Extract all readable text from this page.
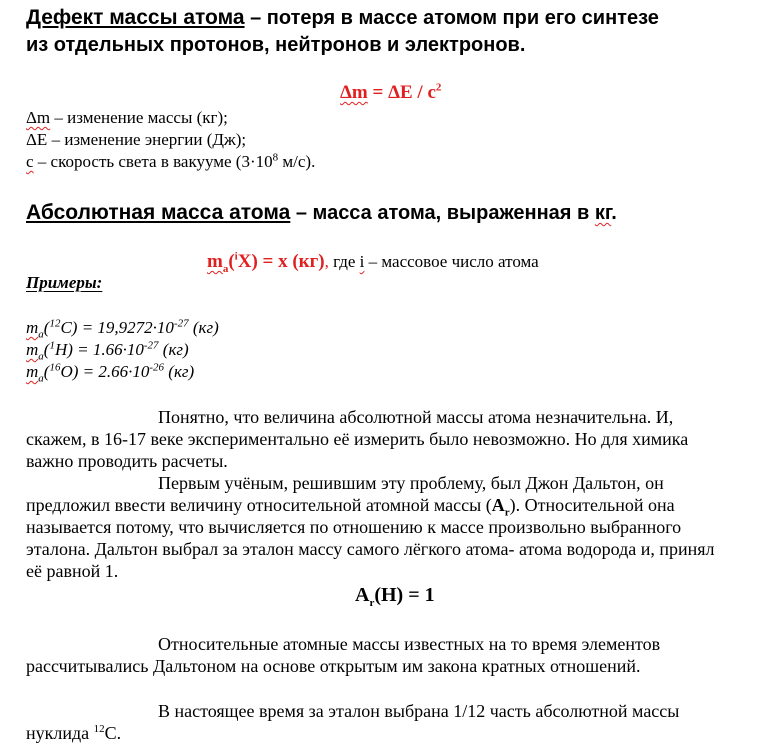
Дефект массы атома – потеря в массе атомом при его синтезе
из отдельных протонов, нейтронов и электронов.
$\Delta m = \Delta E / c^2$
Δm – изменение массы (кг);
ΔE – изменение энергии (Дж);
с – скорость света в вакууме ($3\cdot 10^8$ м/с).
Абсолютная масса атома – масса атома, выраженная в кг.
$m_a(^iX) = x$ (кг), где i – массовое число атома
Примеры:
$m_a(^{12}C) = 19,9272\cdot 10^{-27}$ (кг)
$m_a(^1H) = 1.66\cdot 10^{-27}$ (кг)
$m_a(^{16}O) = 2.66\cdot 10^{-26}$ (кг)
Понятно, что величина абсолютной массы атома незначительна. И,
скажем, в 16-17 веке экспериментально её измерить было невозможно. Но для химика
важно проводить расчеты.
Первым учёным, решившим эту проблему, был Джон Дальтон, он
предложил ввести величину относительной атомной массы $(A_r)$. Относительной она
называется потому, что вычисляется по отношению к массе произвольно выбранного
эталона. Дальтон выбрал за эталон массу самого лёгкого атома- атома водорода и, принял
её равной 1.
$A_r(H) = 1$
Относительные атомные массы известных на то время элементов
рассчитывались Дальтоном на основе открытым им закона кратных отношений.
В настоящее время за эталон выбрана 1/12 часть абсолютной массы
нуклида $^{12}$С.
